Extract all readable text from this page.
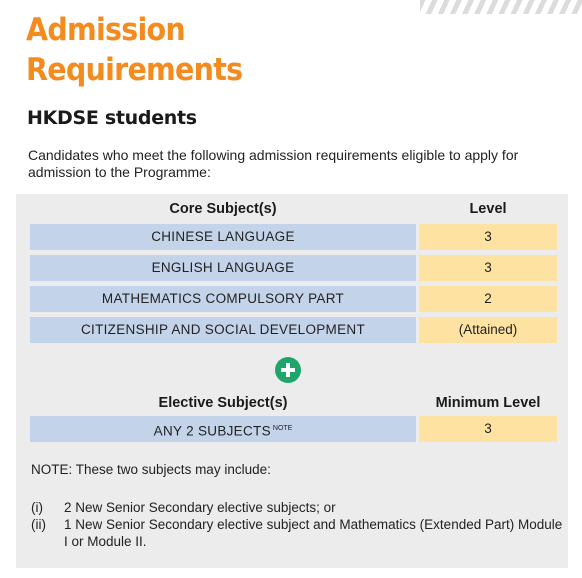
Admission
Requirements
HKDSE students

Candidates who meet the following admission requirements eligible to apply for admission to the Programme:

Core Subject(s)	Level
CHINESE LANGUAGE	3
ENGLISH LANGUAGE	3
MATHEMATICS COMPULSORY PART	2
CITIZENSHIP AND SOCIAL DEVELOPMENT	(Attained)
Elective Subject(s)	Minimum Level
ANY 2 SUBJECTS $^{NOTE}$	3

NOTE: These two subjects may include:

(i) 2 New Senior Secondary elective subjects; or
(ii) 1 New Senior Secondary elective subject and Mathematics (Extended Part) Module I or Module II.
